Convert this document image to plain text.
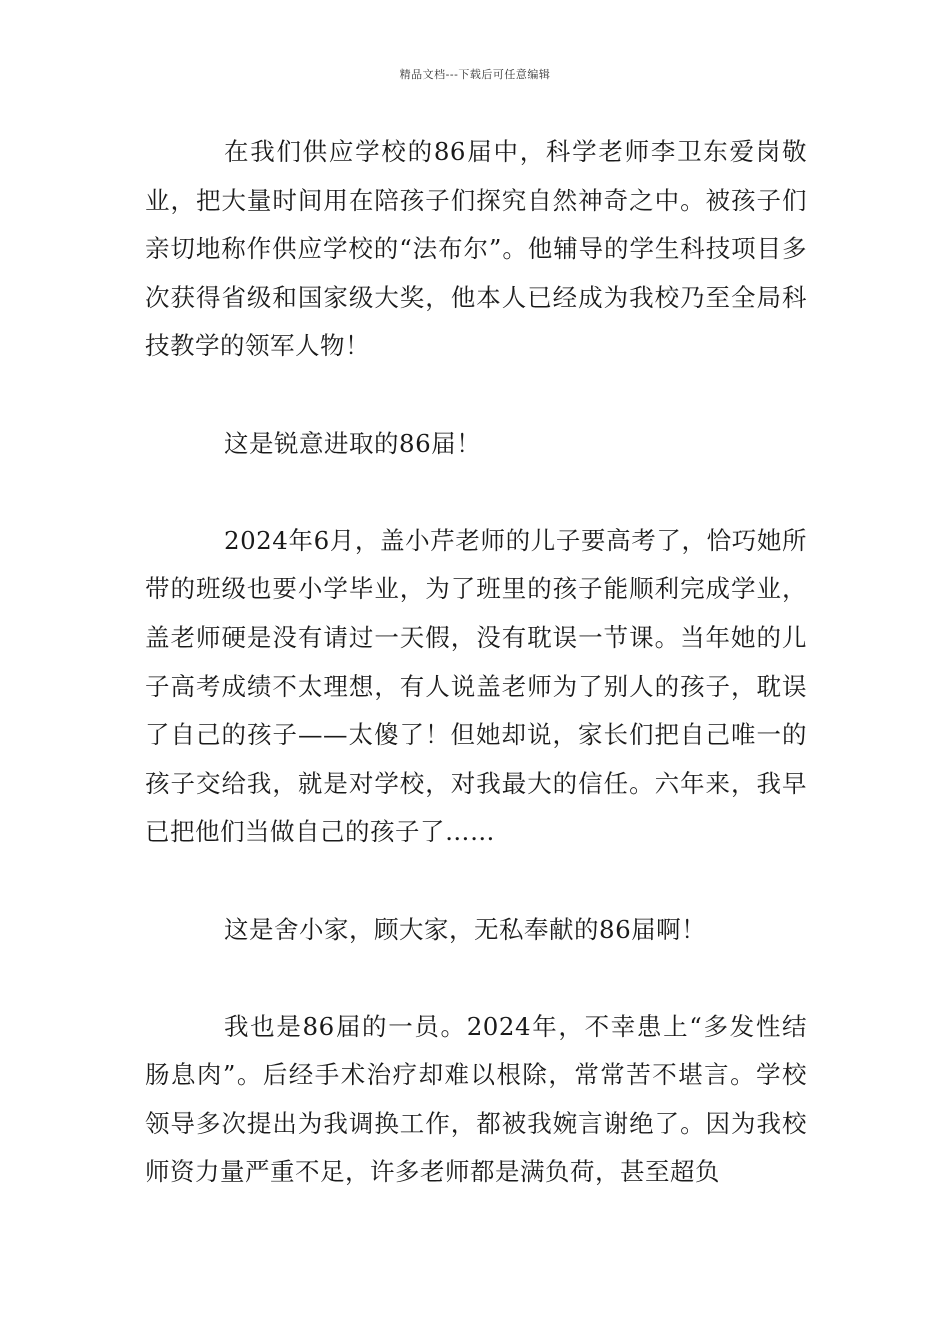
精品文档---下载后可任意编辑

在我们供应学校的86届中，科学老师李卫东爱岗敬业，把大量时间用在陪孩子们探究自然神奇之中。被孩子们亲切地称作供应学校的“法布尔”。他辅导的学生科技项目多次获得省级和国家级大奖，他本人已经成为我校乃至全局科技教学的领军人物！

这是锐意进取的86届！

2024年6月，盖小芹老师的儿子要高考了，恰巧她所带的班级也要小学毕业，为了班里的孩子能顺利完成学业，盖老师硬是没有请过一天假，没有耽误一节课。当年她的儿子高考成绩不太理想，有人说盖老师为了别人的孩子，耽误了自己的孩子——太傻了！但她却说，家长们把自己唯一的孩子交给我，就是对学校，对我最大的信任。六年来，我早已把他们当做自己的孩子了……

这是舍小家，顾大家，无私奉献的86届啊！

我也是86届的一员。2024年，不幸患上“多发性结肠息肉”。后经手术治疗却难以根除，常常苦不堪言。学校领导多次提出为我调换工作，都被我婉言谢绝了。因为我校师资力量严重不足，许多老师都是满负荷，甚至超负
